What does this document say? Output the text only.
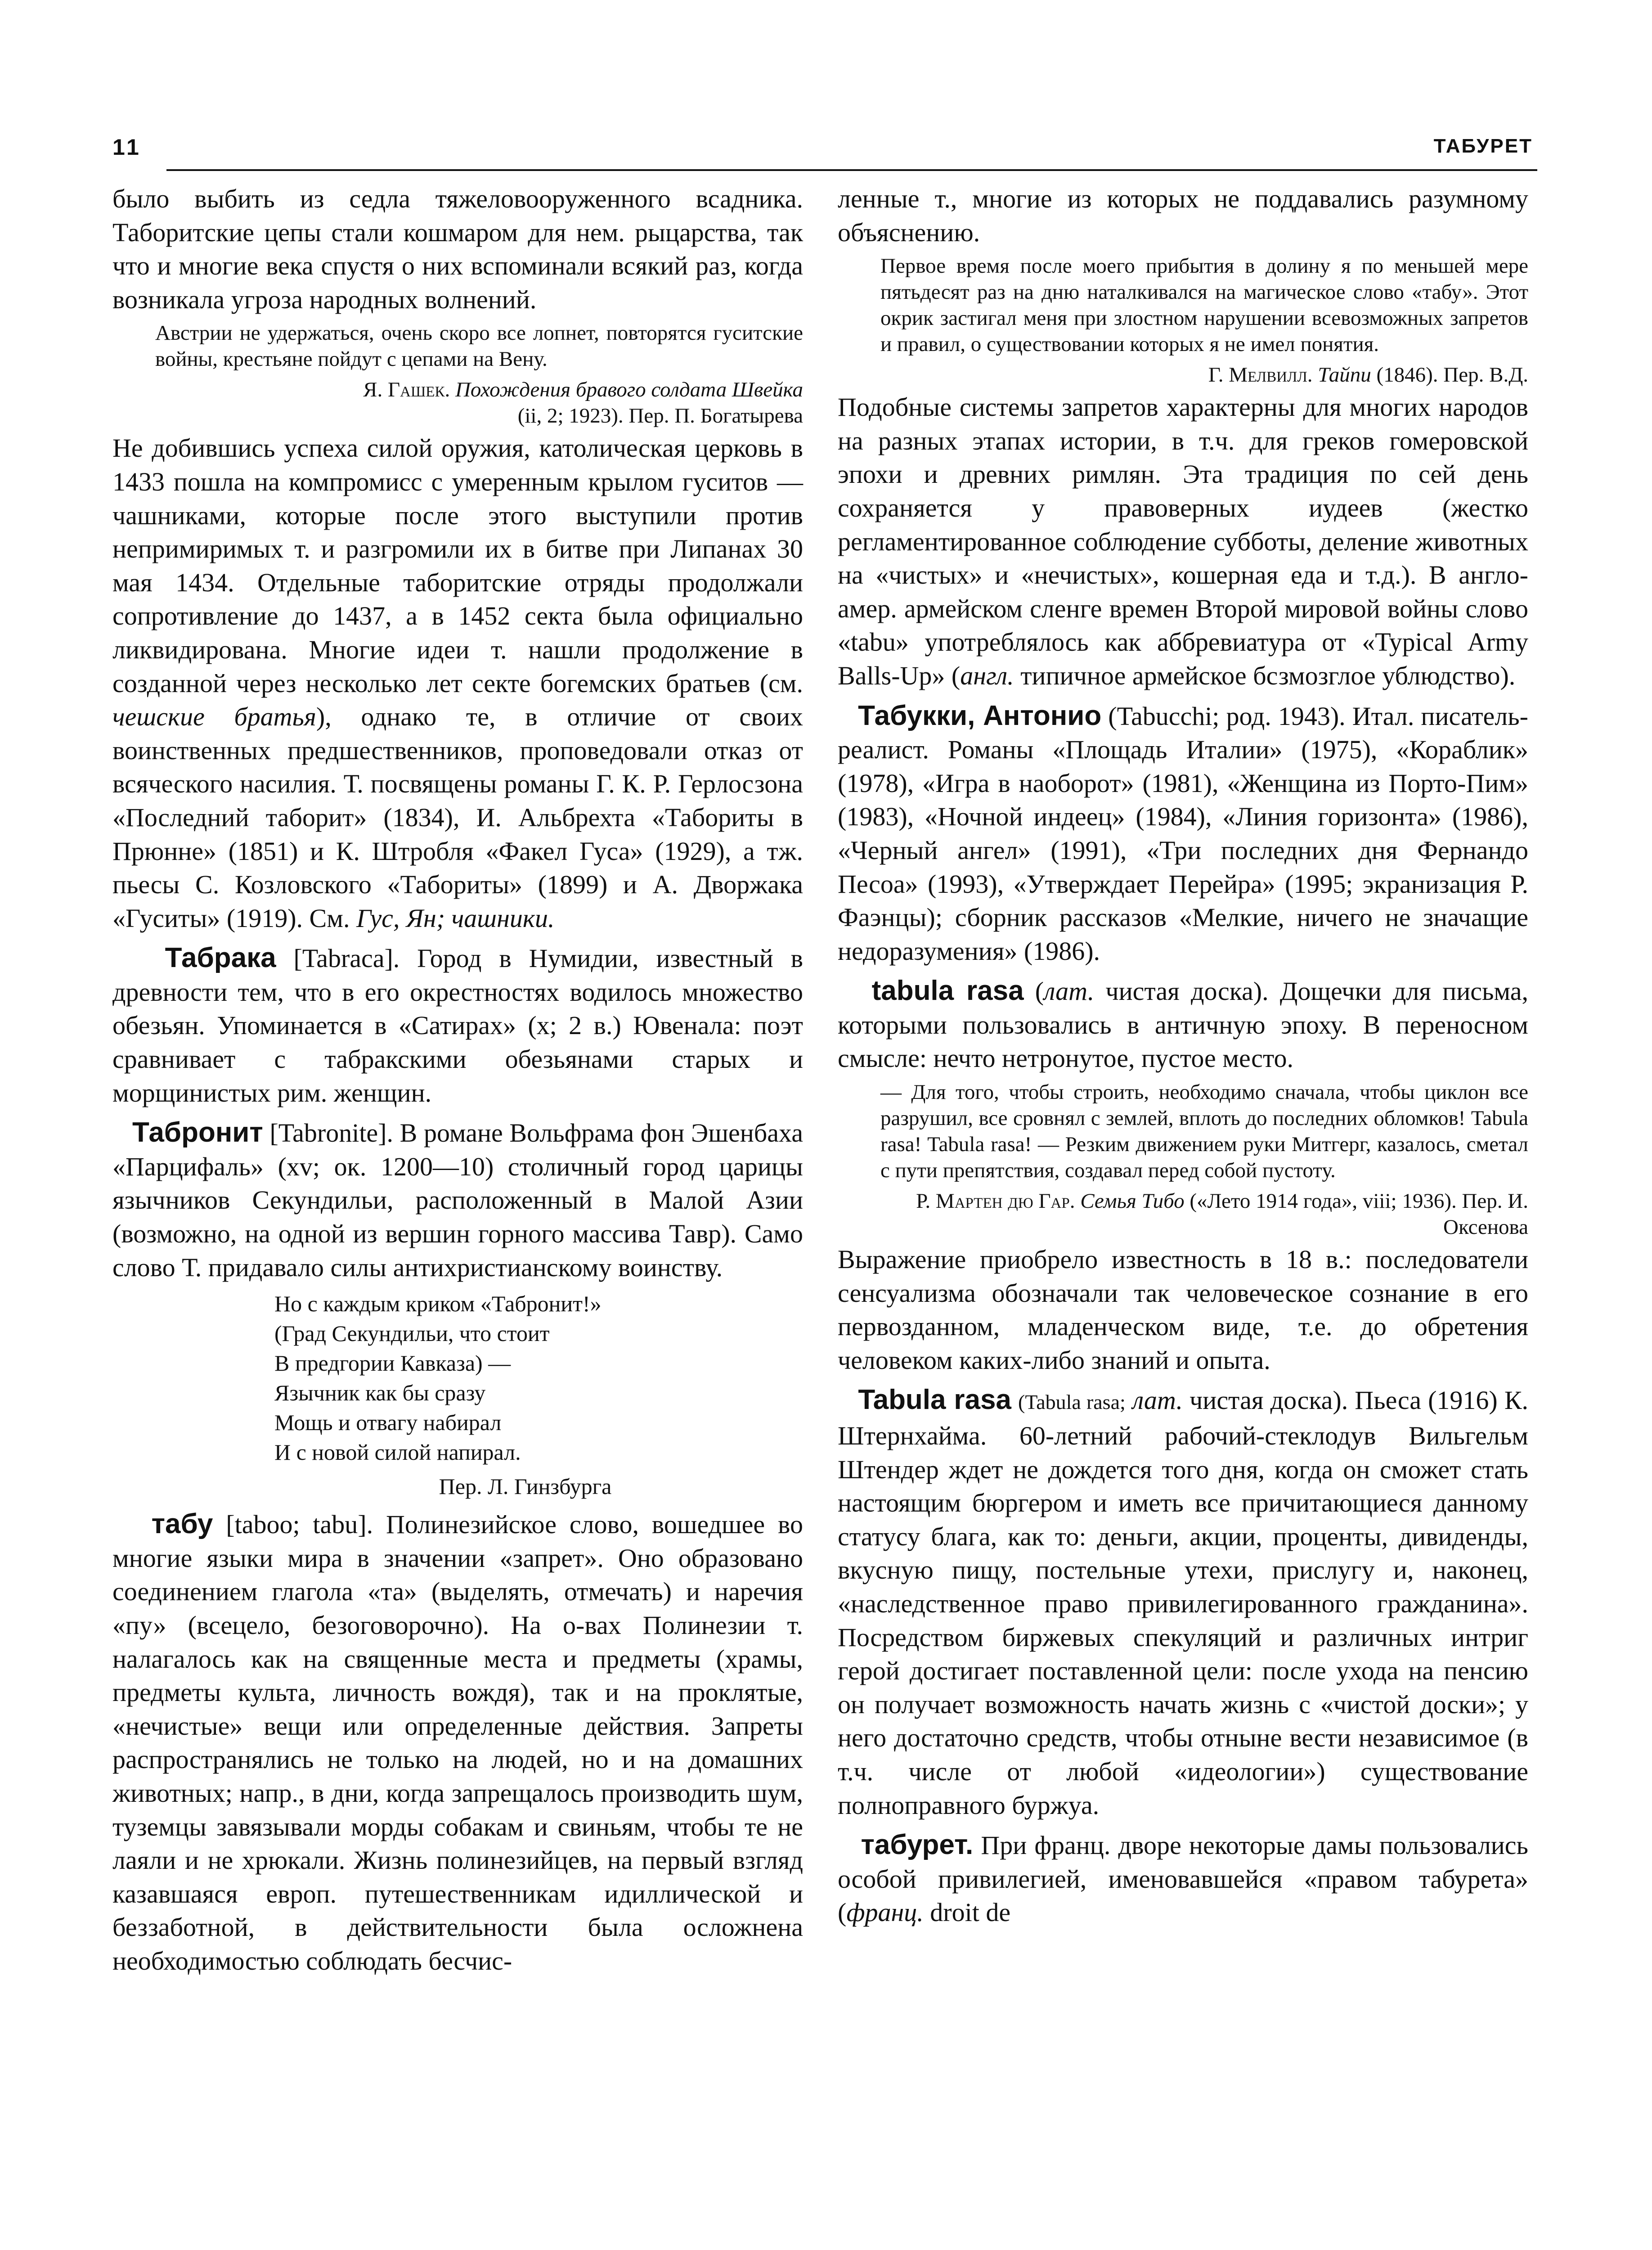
11	ТАБУРЕТ

было выбить из седла тяжеловооруженного всадника. Таборитские цепы стали кошмаром для нем. рыцарства, так что и многие века спустя о них вспоминали всякий раз, когда возникала угроза народных волнений.

Австрии не удержаться, очень скоро все лопнет, повторятся гуситские войны, крестьяне пойдут с цепами на Вену.

Я. Гашек. Похождения бравого солдата Швейка
(ii, 2; 1923). Пер. П. Богатырева

Не добившись успеха силой оружия, католическая церковь в 1433 пошла на компромисс с умеренным крылом гуситов — чашниками, которые после этого выступили против непримиримых т. и разгромили их в битве при Липанах 30 мая 1434. Отдельные таборитские отряды продолжали сопротивление до 1437, а в 1452 секта была официально ликвидирована. Многие идеи т. нашли продолжение в созданной через несколько лет секте богемских братьев (см. чешские братья), однако те, в отличие от своих воинственных предшественников, проповедовали отказ от всяческого насилия. Т. посвящены романы Г. К. Р. Герлосзона «Последний таборит» (1834), И. Альбрехта «Табориты в Прюнне» (1851) и К. Штробля «Факел Гуса» (1929), а тж. пьесы С. Козловского «Табориты» (1899) и А. Дворжака «Гуситы» (1919). См. Гус, Ян; чашники.

Табрака [Tabraca]. Город в Нумидии, известный в древности тем, что в его окрестностях водилось множество обезьян. Упоминается в «Сатирах» (x; 2 в.) Ювенала: поэт сравнивает с табракскими обезьянами старых и морщинистых рим. женщин.

Табронит [Tabronite]. В романе Вольфрама фон Эшенбаха «Парцифаль» (xv; ок. 1200—10) столичный город царицы язычников Секундильи, расположенный в Малой Азии (возможно, на одной из вершин горного массива Тавр). Само слово Т. придавало силы антихристианскому воинству.

Но с каждым криком «Табронит!»
(Град Секундильи, что стоит
В предгории Кавказа) —
Язычник как бы сразу
Мощь и отвагу набирал
И с новой силой напирал.

Пер. Л. Гинзбурга

табу [taboo; tabu]. Полинезийское слово, вошедшее во многие языки мира в значении «запрет». Оно образовано соединением глагола «та» (выделять, отмечать) и наречия «пу» (всецело, безоговорочно). На о-вах Полинезии т. налагалось как на священные места и предметы (храмы, предметы культа, личность вождя), так и на проклятые, «нечистые» вещи или определенные действия. Запреты распространялись не только на людей, но и на домашних животных; напр., в дни, когда запрещалось производить шум, туземцы завязывали морды собакам и свиньям, чтобы те не лаяли и не хрюкали. Жизнь полинезийцев, на первый взгляд казавшаяся европ. путешественникам идиллической и беззаботной, в действительности была осложнена необходимостью соблюдать бесчис-

ленные т., многие из которых не поддавались разумному объяснению.

Первое время после моего прибытия в долину я по меньшей мере пятьдесят раз на дню наталкивался на магическое слово «табу». Этот окрик застигал меня при злостном нарушении всевозможных запретов и правил, о существовании которых я не имел понятия.

Г. Мелвилл. Тайпи (1846). Пер. В.Д.

Подобные системы запретов характерны для многих народов на разных этапах истории, в т.ч. для греков гомеровской эпохи и древних римлян. Эта традиция по сей день сохраняется у правоверных иудеев (жестко регламентированное соблюдение субботы, деление животных на «чистых» и «нечистых», кошерная еда и т.д.). В англо-амер. армейском сленге времен Второй мировой войны слово «tabu» употреблялось как аббревиатура от «Typical Army Balls-Up» (англ. типичное армейское бсзмозглое ублюдство).

Табукки, Антонио (Tabucchi; род. 1943). Итал. писатель-реалист. Романы «Площадь Италии» (1975), «Кораблик» (1978), «Игра в наоборот» (1981), «Женщина из Порто-Пим» (1983), «Ночной индеец» (1984), «Линия горизонта» (1986), «Черный ангел» (1991), «Три последних дня Фернандо Песоа» (1993), «Утверждает Перейра» (1995; экранизация Р. Фаэнцы); сборник рассказов «Мелкие, ничего не значащие недоразумения» (1986).

tabula rasa (лат. чистая доска). Дощечки для письма, которыми пользовались в античную эпоху. В переносном смысле: нечто нетронутое, пустое место.

— Для того, чтобы строить, необходимо сначала, чтобы циклон все разрушил, все сровнял с землей, вплоть до последних обломков! Tabula rasa! Tabula rasa! — Резким движением руки Митгерг, казалось, сметал с пути препятствия, создавал перед собой пустоту.

Р. Мартен дю Гар. Семья Тибо («Лето 1914 года», viii; 1936). Пер. И. Оксенова

Выражение приобрело известность в 18 в.: последователи сенсуализма обозначали так человеческое сознание в его первозданном, младенческом виде, т.е. до обретения человеком каких-либо знаний и опыта.

Tabula rasa (Tabula rasa; лат. чистая доска). Пьеса (1916) К. Штернхайма. 60-летний рабочий-стеклодув Вильгельм Штендер ждет не дождется того дня, когда он сможет стать настоящим бюргером и иметь все причитающиеся данному статусу блага, как то: деньги, акции, проценты, дивиденды, вкусную пищу, постельные утехи, прислугу и, наконец, «наследственное право привилегированного гражданина». Посредством биржевых спекуляций и различных интриг герой достигает поставленной цели: после ухода на пенсию он получает возможность начать жизнь с «чистой доски»; у него достаточно средств, чтобы отныне вести независимое (в т.ч. числе от любой «идеологии») существование полноправного буржуа.

табурет. При франц. дворе некоторые дамы пользовались особой привилегией, именовавшейся «правом табурета» (франц. droit de
